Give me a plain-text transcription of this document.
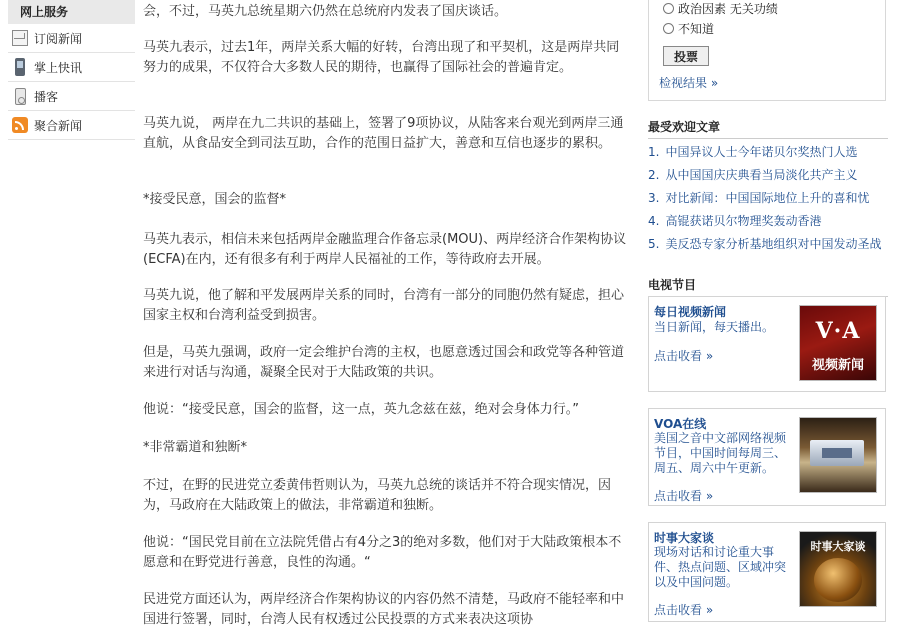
网上服务
订阅新闻
掌上快讯
播客
聚合新闻

会，不过，马英九总统星期六仍然在总统府内发表了国庆谈话。

马英九表示，过去1年，两岸关系大幅的好转，台湾出现了和平契机，这是两岸共同努力的成果，不仅符合大多数人民的期待，也赢得了国际社会的普遍肯定。

马英九说， 两岸在九二共识的基础上，签署了9项协议，从陆客来台观光到两岸三通直航，从食品安全到司法互助，合作的范围日益扩大，善意和互信也逐步的累积。

*接受民意，国会的监督*

马英九表示，相信未来包括两岸金融监理合作备忘录(MOU)、两岸经济合作架构协议(ECFA)在内，还有很多有利于两岸人民福祉的工作，等待政府去开展。

马英九说，他了解和平发展两岸关系的同时，台湾有一部分的同胞仍然有疑虑，担心国家主权和台湾利益受到损害。

但是，马英九强调，政府一定会维护台湾的主权，也愿意透过国会和政党等各种管道来进行对话与沟通，凝聚全民对于大陆政策的共识。

他说：“接受民意，国会的监督，这一点，英九念兹在兹，绝对会身体力行。”

*非常霸道和独断*

不过，在野的民进党立委黄伟哲则认为，马英九总统的谈话并不符合现实情况，因为，马政府在大陆政策上的做法，非常霸道和独断。

他说：“国民党目前在立法院凭借占有4分之3的绝对多数，他们对于大陆政策根本不愿意和在野党进行善意，良性的沟通。“

民进党方面还认为，两岸经济合作架构协议的内容仍然不清楚，马政府不能轻率和中国进行签署，同时，台湾人民有权透过公民投票的方式来表决这项协

政治因素 无关功绩
不知道
投票
检视结果 »
最受欢迎文章
1. 中国异议人士今年诺贝尔奖热门人选
2. 从中国国庆庆典看当局淡化共产主义
3. 对比新闻：中国国际地位上升的喜和忧
4. 高锟获诺贝尔物理奖轰动香港
5. 美反恐专家分析基地组织对中国发动圣战
电视节目
每日视频新闻
当日新闻，每天播出。
点击收看 »
V·A
视频新闻
VOA在线
美国之音中文部网络视频节目，中国时间每周三、周五、周六中午更新。
点击收看 »
时事大家谈
现场对话和讨论重大事件、热点问题、区域冲突以及中国问题。
点击收看 »
时事大家谈
